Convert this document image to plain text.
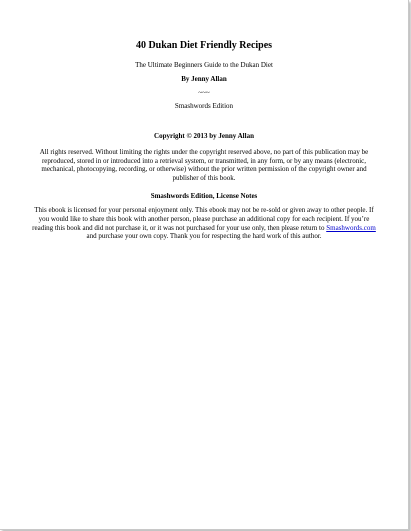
40 Dukan Diet Friendly Recipes
The Ultimate Beginners Guide to the Dukan Diet
By Jenny Allan
~~~
Smashwords Edition
Copyright © 2013 by Jenny Allan

All rights reserved. Without limiting the rights under the copyright reserved above, no part of this publication may be reproduced, stored in or introduced into a retrieval system, or transmitted, in any form, or by any means (electronic, mechanical, photocopying, recording, or otherwise) without the prior written permission of the copyright owner and publisher of this book.

Smashwords Edition, License Notes

This ebook is licensed for your personal enjoyment only. This ebook may not be re-sold or given away to other people. If you would like to share this book with another person, please purchase an additional copy for each recipient. If you’re reading this book and did not purchase it, or it was not purchased for your use only, then please return to Smashwords.com and purchase your own copy. Thank you for respecting the hard work of this author.
